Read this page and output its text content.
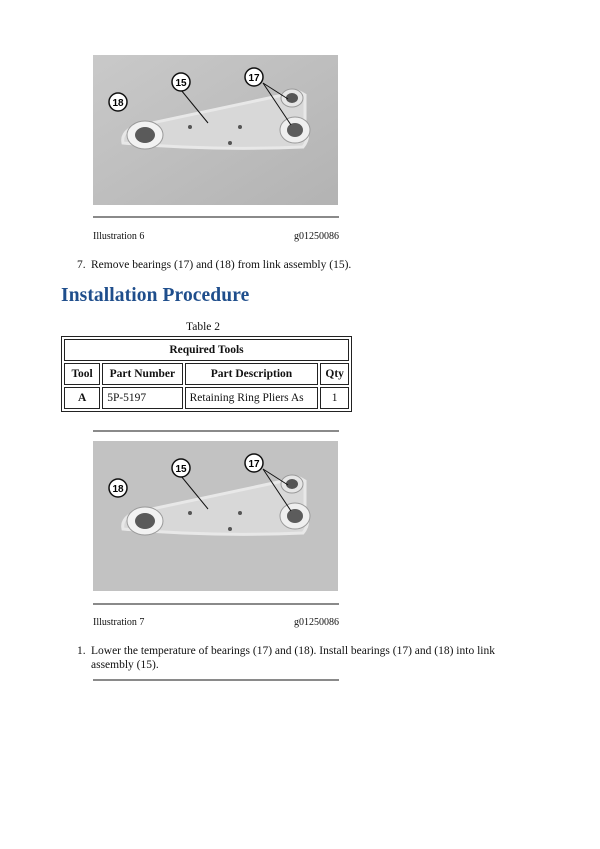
18
15	17
Illustration 6	g01250086
7. Remove bearings (17) and (18) from link assembly (15).
Installation Procedure
Table 2
Required Tools			
Tool	Part Number	Part Description	Qty
A	5P-5197	Retaining Ring Pliers As	1
18
15	17
Illustration 7	g01250086
1. Lower the temperature of bearings (17) and (18). Install bearings (17) and (18) into link
assembly (15).
